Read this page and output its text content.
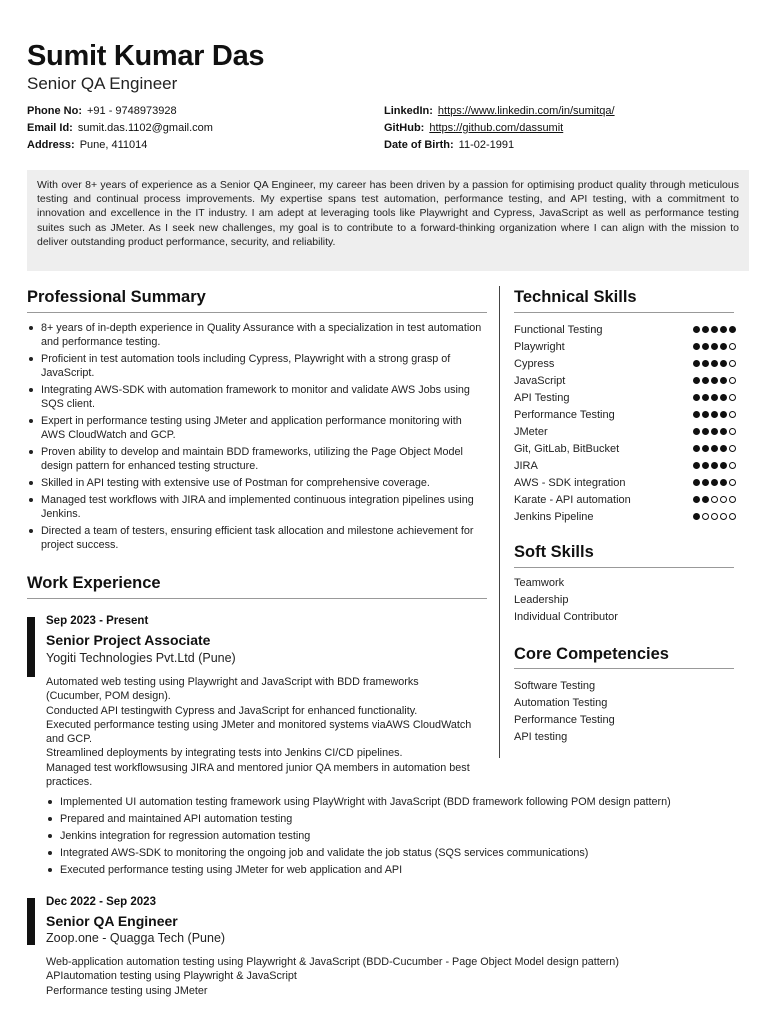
Sumit Kumar Das
Senior QA Engineer
Phone No: +91 - 9748973928
Email Id: sumit.das.1102@gmail.com
Address: Pune, 411014
LinkedIn: https://www.linkedin.com/in/sumitqa/
GitHub: https://github.com/dassumit
Date of Birth: 11-02-1991

With over 8+ years of experience as a Senior QA Engineer, my career has been driven by a passion for optimising product quality through meticulous testing and continual process improvements. My expertise spans test automation, performance testing, and API testing, with a commitment to innovation and excellence in the IT industry. I am adept at leveraging tools like Playwright and Cypress, JavaScript as well as performance testing suites such as JMeter. As I seek new challenges, my goal is to contribute to a forward-thinking organization where I can align with the mission to deliver outstanding product performance, security, and reliability.

Professional Summary
8+ years of in-depth experience in Quality Assurance with a specialization in test automation and performance testing.
Proficient in test automation tools including Cypress, Playwright with a strong grasp of JavaScript.
Integrating AWS-SDK with automation framework to monitor and validate AWS Jobs using SQS client.
Expert in performance testing using JMeter and application performance monitoring with AWS CloudWatch and GCP.
Proven ability to develop and maintain BDD frameworks, utilizing the Page Object Model design pattern for enhanced testing structure.
Skilled in API testing with extensive use of Postman for comprehensive coverage.
Managed test workflows with JIRA and implemented continuous integration pipelines using Jenkins.
Directed a team of testers, ensuring efficient task allocation and milestone achievement for project success.
Technical Skills
Functional Testing
Playwright
Cypress
JavaScript
API Testing
Performance Testing
JMeter
Git, GitLab, BitBucket
JIRA
AWS - SDK integration
Karate - API automation
Jenkins Pipeline
Soft Skills
Teamwork
Leadership
Individual Contributor
Core Competencies
Software Testing
Automation Testing
Performance Testing
API testing
Work Experience
Sep 2023 - Present
Senior Project Associate
Yogiti Technologies Pvt.Ltd (Pune)
Automated web testing using Playwright and JavaScript with BDD frameworks (Cucumber, POM design).
Conducted API testingwith Cypress and JavaScript for enhanced functionality.
Executed performance testing using JMeter and monitored systems viaAWS CloudWatch and GCP.
Streamlined deployments by integrating tests into Jenkins CI/CD pipelines.
Managed test workflowsusing JIRA and mentored junior QA members in automation best practices.
Implemented UI automation testing framework using PlayWright with JavaScript (BDD framework following POM design pattern)
Prepared and maintained API automation testing
Jenkins integration for regression automation testing
Integrated AWS-SDK to monitoring the ongoing job and validate the job status (SQS services communications)
Executed performance testing using JMeter for web application and API
Dec 2022 - Sep 2023
Senior QA Engineer
Zoop.one - Quagga Tech (Pune)
Web-application automation testing using Playwright & JavaScript (BDD-Cucumber - Page Object Model design pattern)
APIautomation testing using Playwright & JavaScript
Performance testing using JMeter
